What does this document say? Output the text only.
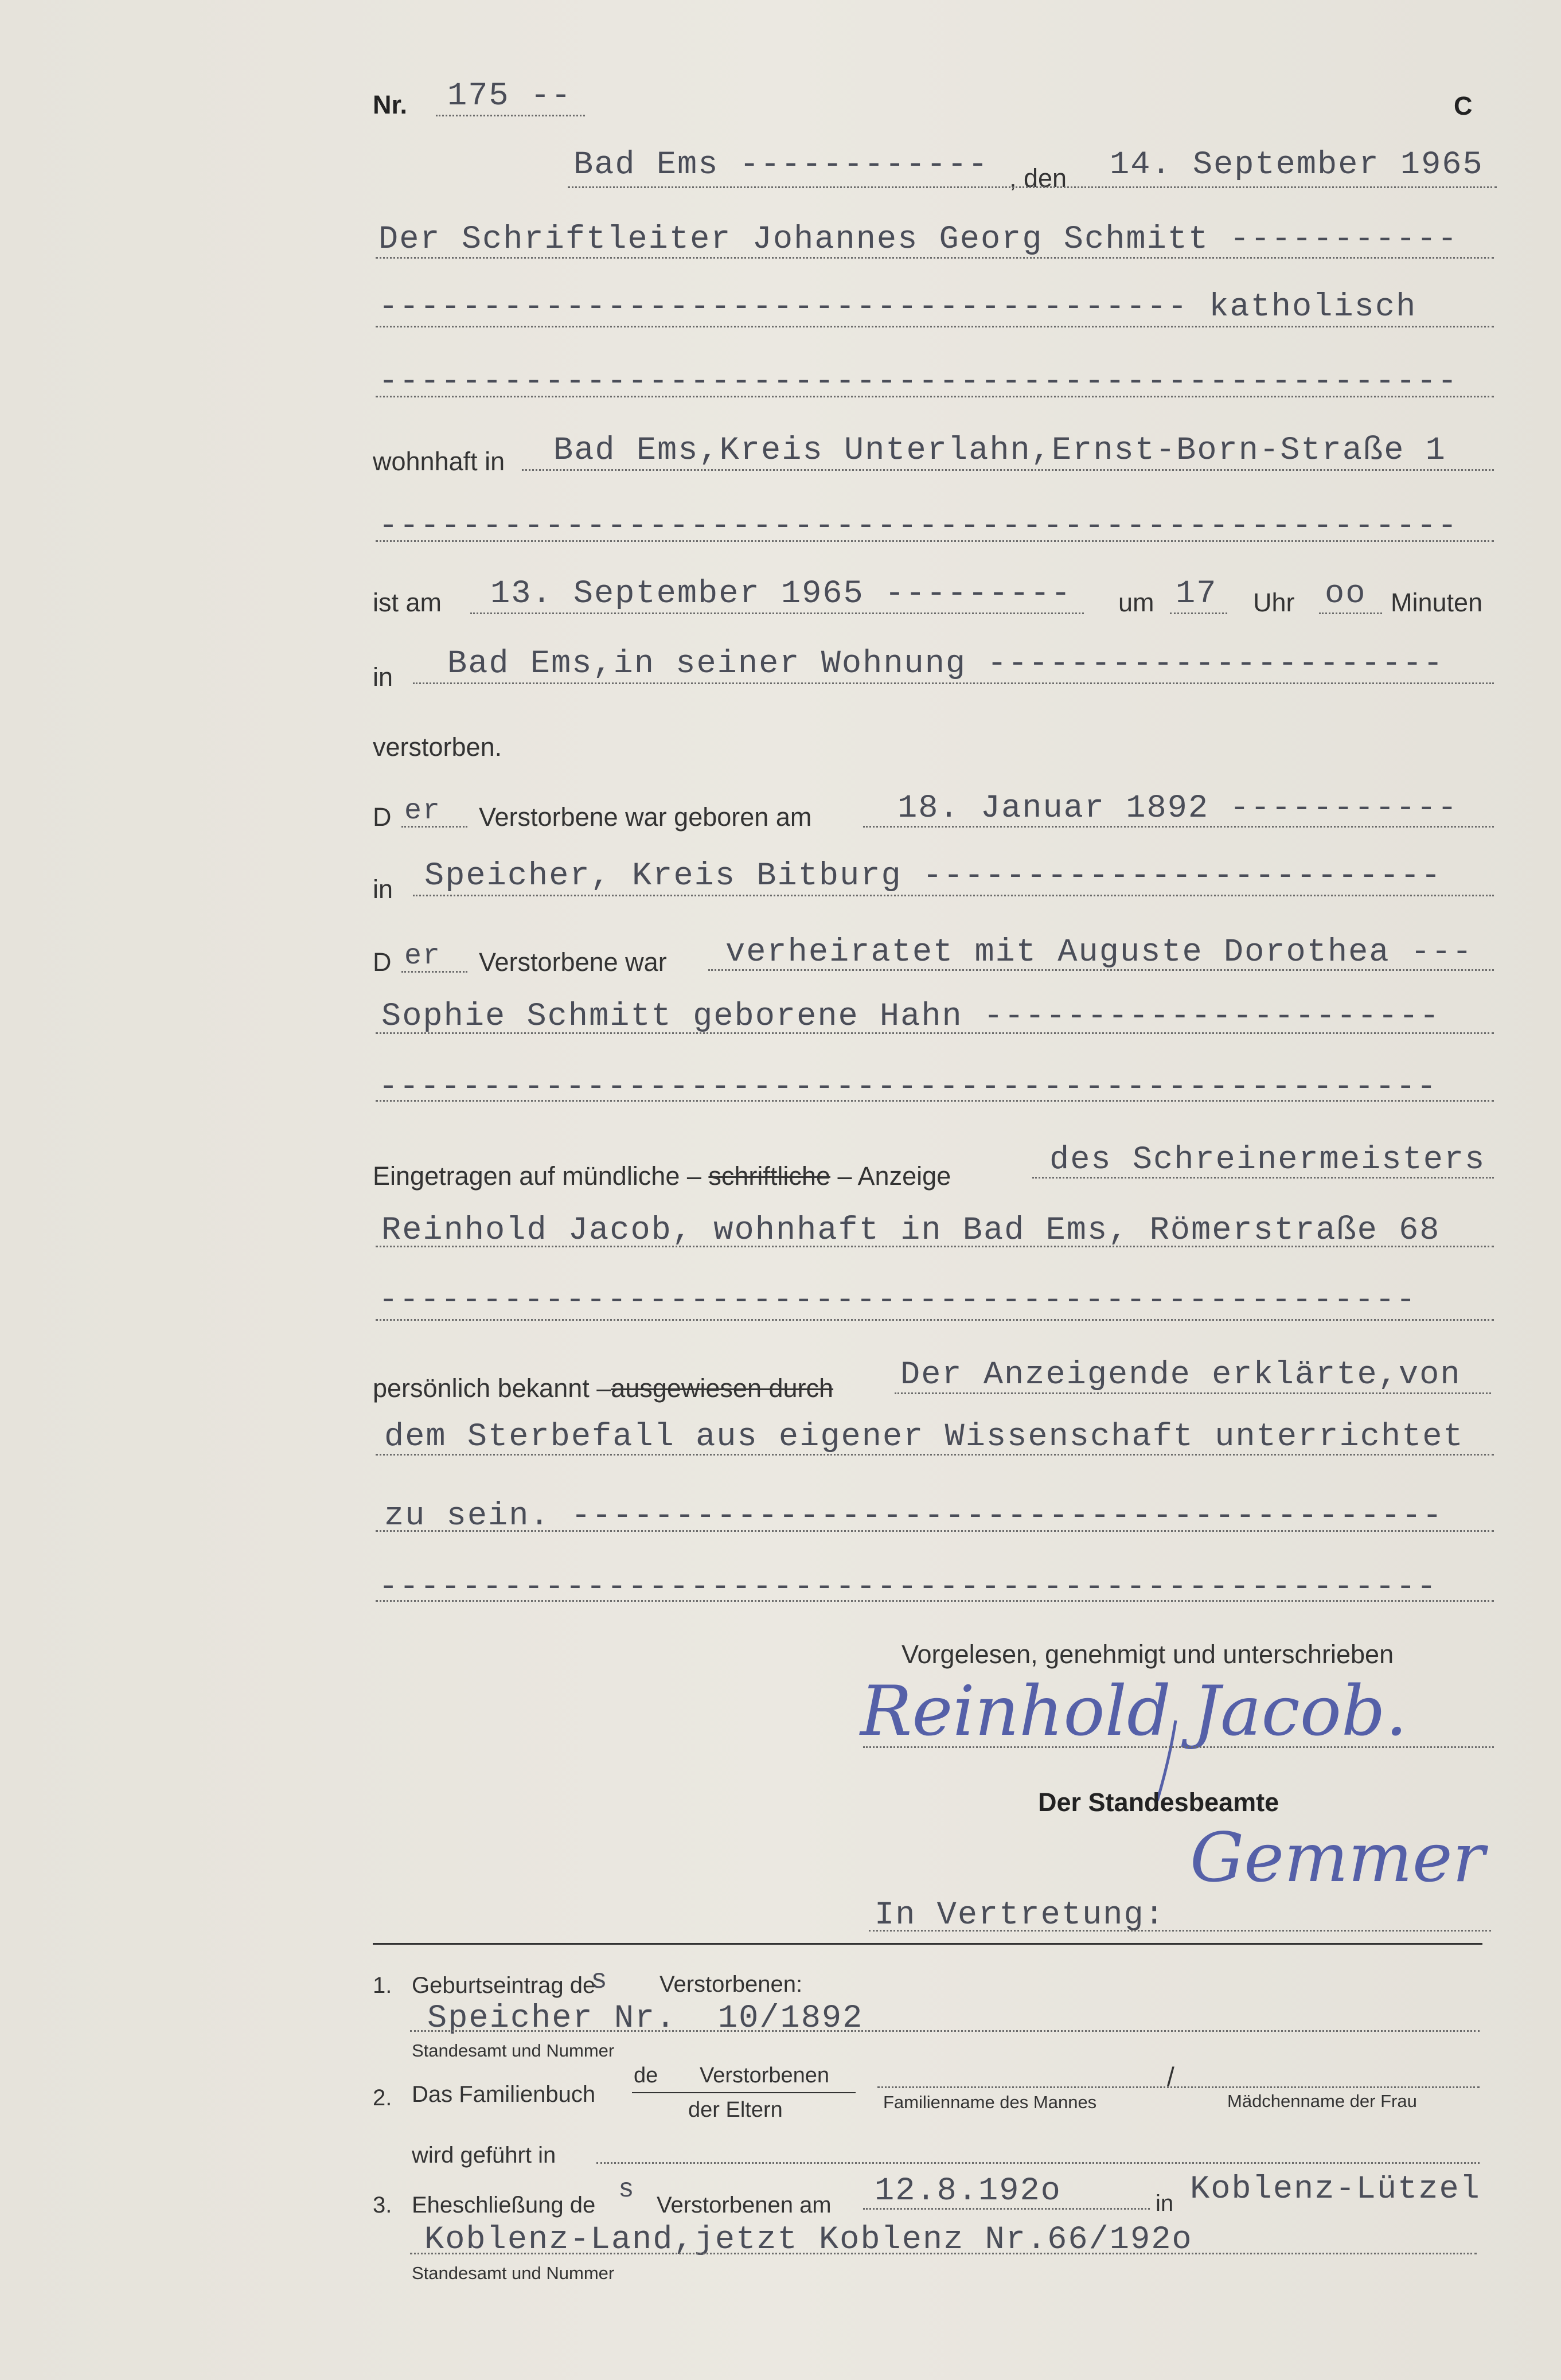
Nr. 175 --	C
Bad Ems ------------ , den 14. September 1965
Der Schriftleiter Johannes Georg Schmitt -----------
--------------------------------------- katholisch
----------------------------------------------------
wohnhaft in Bad Ems,Kreis Unterlahn,Ernst-Born-Straße 1
----------------------------------------------------
ist am 13. September 1965 --------- um 17 Uhr oo Minuten
in Bad Ems,in seiner Wohnung ----------------------
verstorben.
D er Verstorbene war geboren am	18. Januar 1892 -----------
in Speicher, Kreis Bitburg -------------------------
D er Verstorbene war verheiratet mit Auguste Dorothea ---
Sophie Schmitt geborene Hahn ----------------------
---------------------------------------------------
Eingetragen auf mündliche – schriftliche – Anzeige	des Schreinermeisters
Reinhold Jacob, wohnhaft in Bad Ems, Römerstraße 68
--------------------------------------------------
persönlich bekannt –ausgewiesen durch Der Anzeigende erklärte,von
dem Sterbefall aus eigener Wissenschaft unterrichtet
zu sein. ------------------------------------------
---------------------------------------------------
Vorgelesen, genehmigt und unterschrieben
Reinhold Jacob.
Der Standesbeamte
Gemmer
In Vertretung:
1. Geburtseintrag de
s Verstorbenen:
Speicher Nr.  10/1892
Standesamt und Nummer
2. Das Familienbuch
de Verstorbenen
der Eltern
/
Familienname des Mannes	Mädchenname der Frau
wird geführt in
3. Eheschließung de
s
Verstorbenen am 12.8.192o	in Koblenz-Lützel
Koblenz-Land,jetzt Koblenz Nr.66/192o
Standesamt und Nummer
